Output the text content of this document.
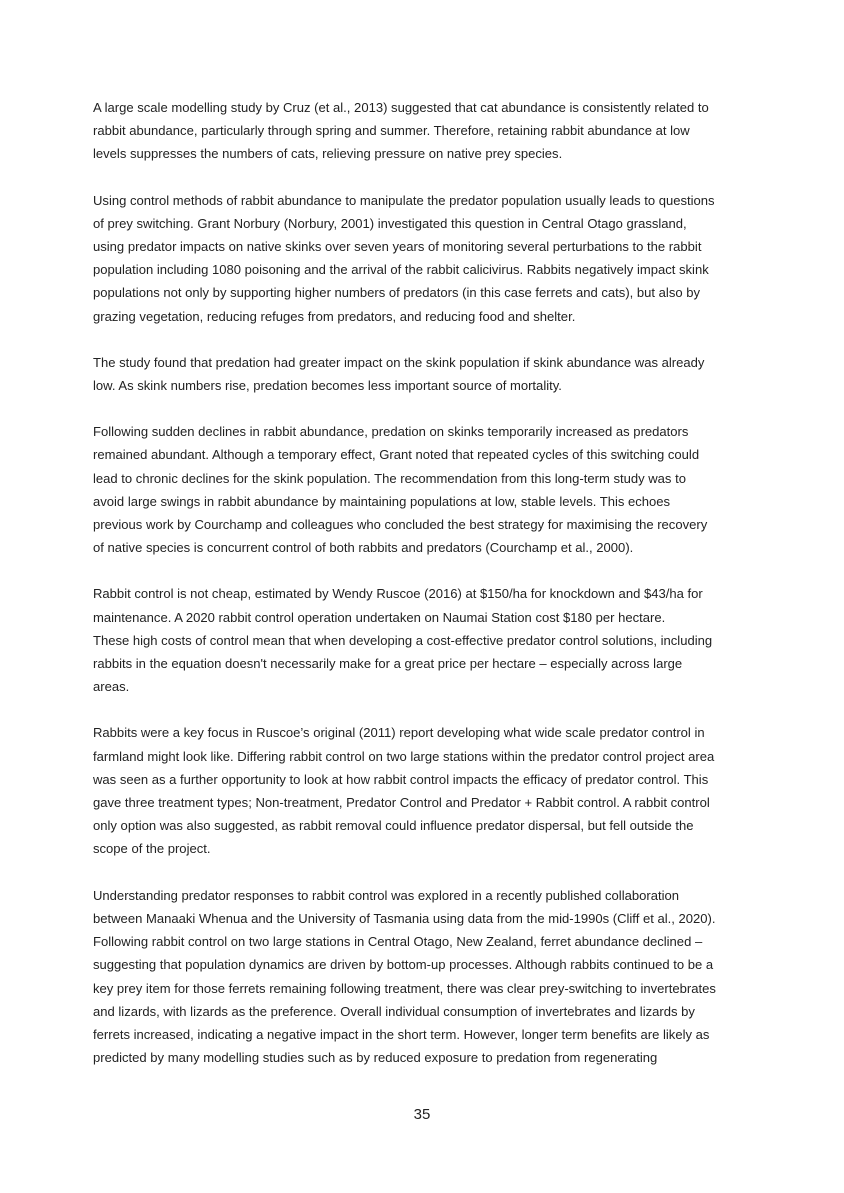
A large scale modelling study by Cruz (et al., 2013) suggested that cat abundance is consistently related to
rabbit abundance, particularly through spring and summer. Therefore, retaining rabbit abundance at low
levels suppresses the numbers of cats, relieving pressure on native prey species.

Using control methods of rabbit abundance to manipulate the predator population usually leads to questions
of prey switching. Grant Norbury (Norbury, 2001) investigated this question in Central Otago grassland,
using predator impacts on native skinks over seven years of monitoring several perturbations to the rabbit
population including 1080 poisoning and the arrival of the rabbit calicivirus. Rabbits negatively impact skink
populations not only by supporting higher numbers of predators (in this case ferrets and cats), but also by
grazing vegetation, reducing refuges from predators, and reducing food and shelter.

The study found that predation had greater impact on the skink population if skink abundance was already
low. As skink numbers rise, predation becomes less important source of mortality.

Following sudden declines in rabbit abundance, predation on skinks temporarily increased as predators
remained abundant. Although a temporary effect, Grant noted that repeated cycles of this switching could
lead to chronic declines for the skink population. The recommendation from this long-term study was to
avoid large swings in rabbit abundance by maintaining populations at low, stable levels. This echoes
previous work by Courchamp and colleagues who concluded the best strategy for maximising the recovery
of native species is concurrent control of both rabbits and predators (Courchamp et al., 2000).

Rabbit control is not cheap, estimated by Wendy Ruscoe (2016) at $150/ha for knockdown and $43/ha for
maintenance. A 2020 rabbit control operation undertaken on Naumai Station cost $180 per hectare.
These high costs of control mean that when developing a cost-effective predator control solutions, including
rabbits in the equation doesn't necessarily make for a great price per hectare – especially across large
areas.

Rabbits were a key focus in Ruscoe’s original (2011) report developing what wide scale predator control in
farmland might look like. Differing rabbit control on two large stations within the predator control project area
was seen as a further opportunity to look at how rabbit control impacts the efficacy of predator control. This
gave three treatment types; Non-treatment, Predator Control and Predator + Rabbit control. A rabbit control
only option was also suggested, as rabbit removal could influence predator dispersal, but fell outside the
scope of the project.

Understanding predator responses to rabbit control was explored in a recently published collaboration
between Manaaki Whenua and the University of Tasmania using data from the mid-1990s (Cliff et al., 2020).
Following rabbit control on two large stations in Central Otago, New Zealand, ferret abundance declined –
suggesting that population dynamics are driven by bottom-up processes. Although rabbits continued to be a
key prey item for those ferrets remaining following treatment, there was clear prey-switching to invertebrates
and lizards, with lizards as the preference. Overall individual consumption of invertebrates and lizards by
ferrets increased, indicating a negative impact in the short term. However, longer term benefits are likely as
predicted by many modelling studies such as by reduced exposure to predation from regenerating

35
